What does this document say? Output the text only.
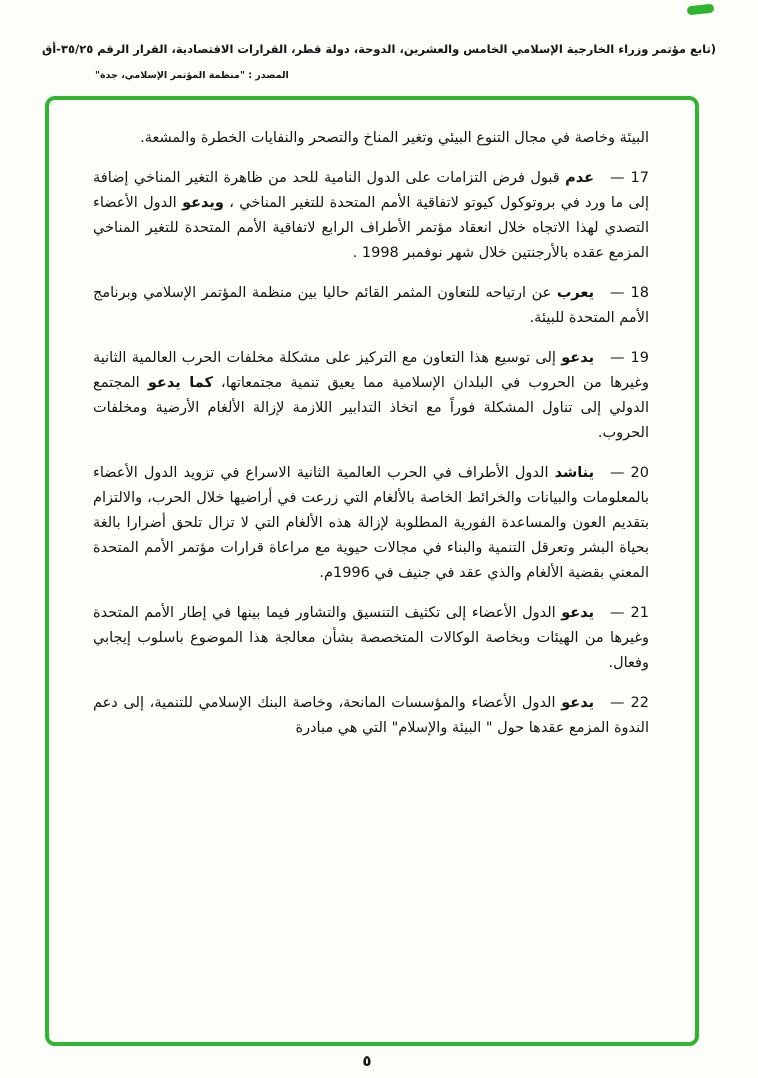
(تابع مؤتمر وزراء الخارجية الإسلامي الخامس والعشرين، الدوحة، دولة قطر، القرارات الاقتصادية، القرار الرقم ٣٥/٢٥-أق
المصدر : "منظمة المؤتمر الإسلامي، جدة"

البيئة وخاصة في مجال التنوع البيئي وتغير المناخ والتصحر والنفايات الخطرة والمشعة.

— 17عدم قبول فرض التزامات على الدول النامية للحد من ظاهرة التغير المناخي إضافة إلى ما ورد في بروتوكول كيوتو لاتفاقية الأمم المتحدة للتغير المناخي ، ويدعو الدول الأعضاء التصدي لهذا الاتجاه خلال انعقاد مؤتمر الأطراف الرابع لاتفاقية الأمم المتحدة للتغير المناخي المزمع عقده بالأرجنتين خلال شهر نوفمبر 1998 .

— 18يعرب عن ارتياحه للتعاون المثمر القائم حاليا بين منظمة المؤتمر الإسلامي وبرنامج الأمم المتحدة للبيئة.

— 19يدعو إلى توسيع هذا التعاون مع التركيز على مشكلة مخلفات الحرب العالمية الثانية وغيرها من الحروب في البلدان الإسلامية مما يعيق تنمية مجتمعاتها، كما يدعو المجتمع الدولي إلى تناول المشكلة فوراً مع اتخاذ التدابير اللازمة لإزالة الألغام الأرضية ومخلفات الحروب.

— 20يناشد الدول الأطراف في الحرب العالمية الثانية الاسراع في تزويد الدول الأعضاء بالمعلومات والبيانات والخرائط الخاصة بالألغام التي زرعت في أراضيها خلال الحرب، والالتزام بتقديم العون والمساعدة الفورية المطلوبة لإزالة هذه الألغام التي لا تزال تلحق أضرارا بالغة بحياة البشر وتعرقل التنمية والبناء في مجالات حيوية مع مراعاة قرارات مؤتمر الأمم المتحدة المعني بقضية الألغام والذي عقد في جنيف في 1996م.

— 21يدعو الدول الأعضاء إلى تكثيف التنسيق والتشاور فيما بينها في إطار الأمم المتحدة وغيرها من الهيئات وبخاصة الوكالات المتخصصة بشأن معالجة هذا الموضوع باسلوب إيجابي وفعال.

— 22يدعو الدول الأعضاء والمؤسسات المانحة، وخاصة البنك الإسلامي للتنمية، إلى دعم الندوة المزمع عقدها حول " البيئة والإسلام" التي هي مبادرة

٥
